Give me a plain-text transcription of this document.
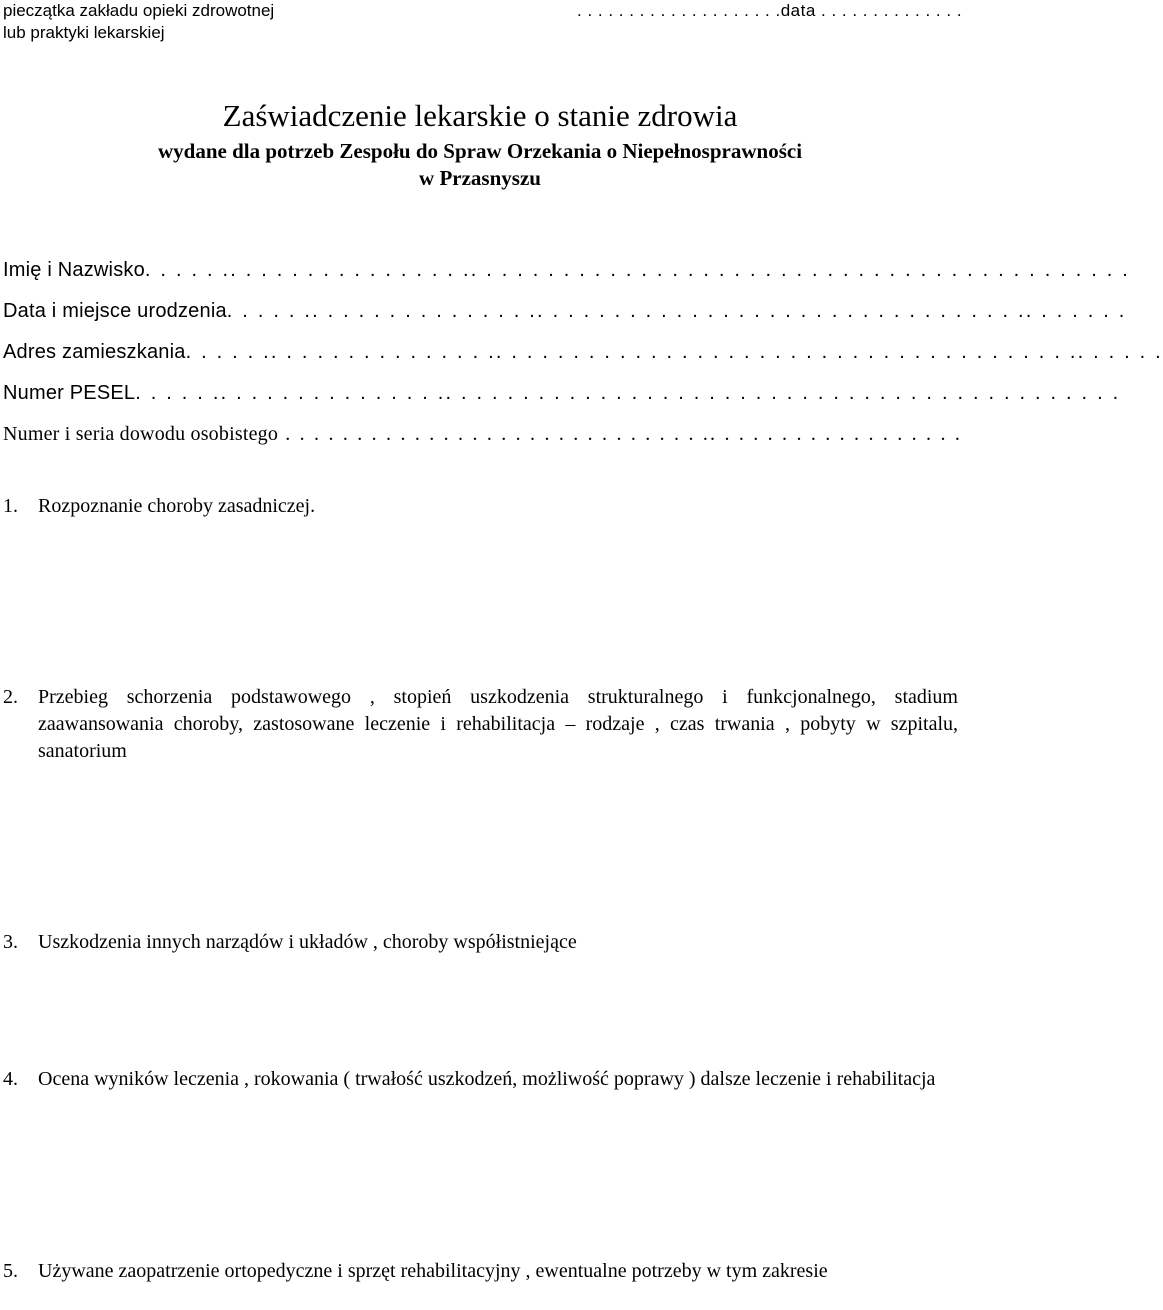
pieczątka zakładu opieki zdrowotnej
lub praktyki lekarskiej
. . . . . . . . . . . . . . . . . . . .data . . . . . . . . . . . . . .
Zaświadczenie lekarskie o stanie zdrowia
wydane dla potrzeb Zespołu do Spraw Orzekania o Niepełnosprawności
w Przasnyszu
Imię i Nazwisko. . . . . .. . . . . . . . . . . . . . . .. . . . . . . . . . . . . . . . . . . . . . . . . . . . . . . . . . . . . . . . . . .
Data i miejsce urodzenia. . . . . .. . . . . . . . . . . . . . .. . . . . . . . . . . . . . . . . . . . . . . . . . . . . . . .. . . . . . .
Adres zamieszkania. . . . . .. . . . . . . . . . . . . . .. . . . . . . . . . . . . . . . . . . . . . . . . . . . . . . . . . . . . .. . . . . .
Numer PESEL. . . . . .. . . . . . . . . . . . . . .. . . . . . . . . . . . . . . . . . . . . . . . . . . . . . . . . . . . . . . . . . . .
Numer i seria dowodu osobistego . . . . . . . . . . . . . . . . . . . . . . . . . . . . . .. . . . . . . . . . . . . . . . . .
1. Rozpoznanie choroby zasadniczej.
2. Przebieg schorzenia podstawowego , stopień uszkodzenia strukturalnego i funkcjonalnego, stadium zaawansowania choroby, zastosowane leczenie i rehabilitacja – rodzaje , czas trwania , pobyty w szpitalu, sanatorium
3. Uszkodzenia innych narządów i układów , choroby współistniejące
4. Ocena wyników leczenia , rokowania ( trwałość uszkodzeń, możliwość poprawy ) dalsze leczenie i rehabilitacja
5. Używane zaopatrzenie ortopedyczne i sprzęt rehabilitacyjny , ewentualne potrzeby w tym zakresie
